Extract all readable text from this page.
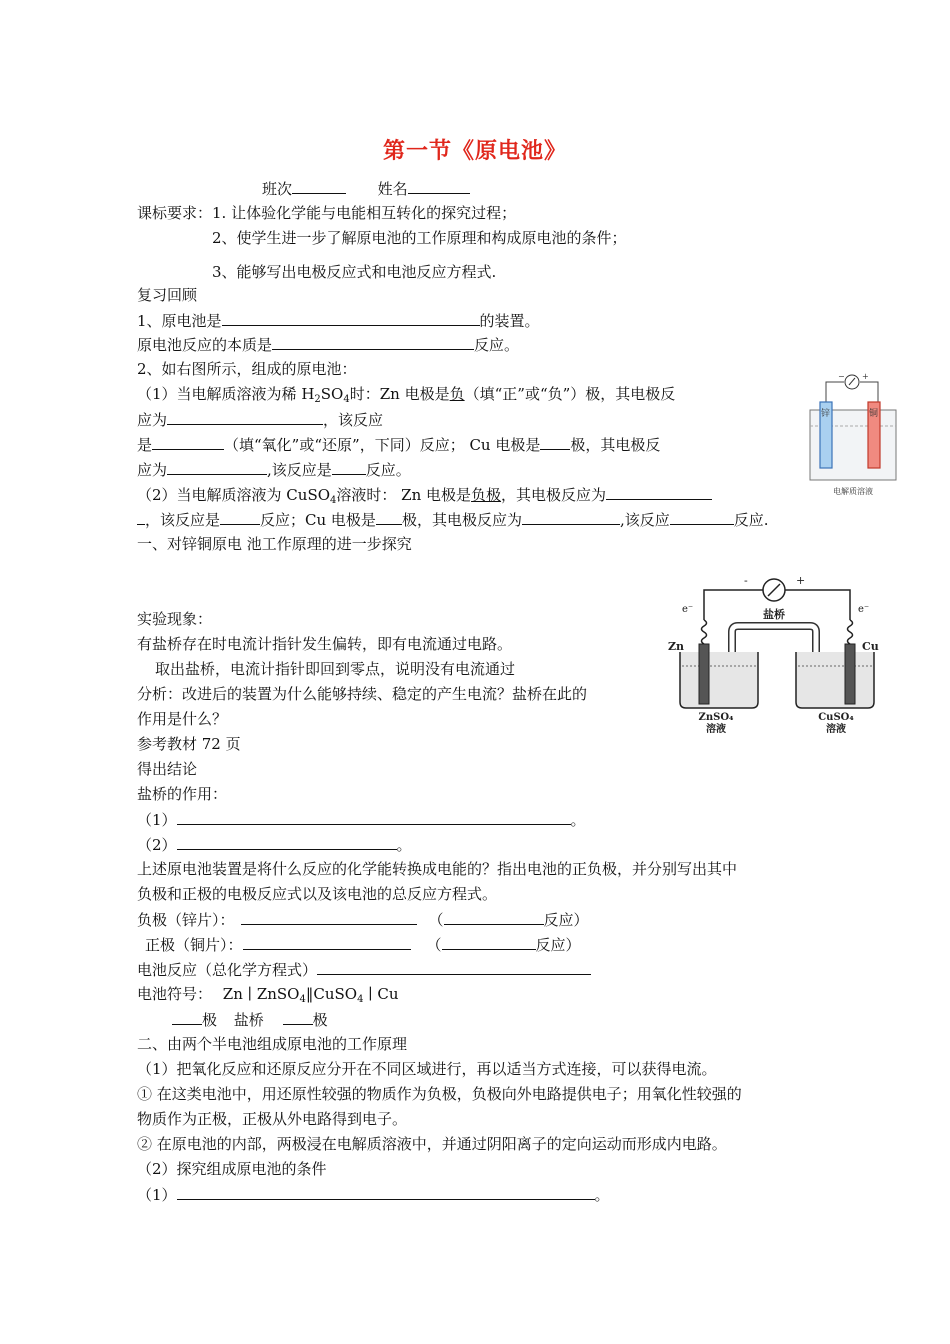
第一节《原电池》
班次	姓名
课标要求：1. 让体验化学能与电能相互转化的探究过程；
2、使学生进一步了解原电池的工作原理和构成原电池的条件；
3、能够写出电极反应式和电池反应方程式.
复习回顾
1、原电池是	的装置。
原电池反应的本质是	反应。
2、如右图所示，组成的原电池：
（1）当电解质溶液为稀 $H_2SO_4$时：Zn 电极是负（填“正”或“负”）极，其电极反
应为	，该反应
是	（填“氧化”或“还原”，下同）反应； Cu 电极是 极，其电极反
应为	,该反应是 反应。
（2）当电解质溶液为 CuSO$_4$溶液时： Zn 电极是负极，其电极反应为
，该反应是	反应；Cu 电极是 极，其电极反应为	,该反应	反应.
一、对锌铜原电 池工作原理的进一步探究
实验现象：
有盐桥存在时电流计指针发生偏转，即有电流通过电路。
取出盐桥，电流计指针即回到零点，说明没有电流通过
分析：改进后的装置为什么能够持续、稳定的产生电流？盐桥在此的
作用是什么？
参考教材 72 页
得出结论
盐桥的作用：
（1）	。
（2）	。
上述原电池装置是将什么反应的化学能转换成电能的？指出电池的正负极，并分别写出其中
负极和正极的电极反应式以及该电池的总反应方程式。
负极（锌片）：	（	反应）
正极（铜片）：	（	反应）
电池反应（总化学方程式）
电池符号： Zn ∣ ZnSO$_4$‖CuSO$_4$ ∣ Cu
极 盐桥	极
二、由两个半电池组成原电池的工作原理
（1）把氧化反应和还原反应分开在不同区域进行，再以适当方式连接，可以获得电流。
① 在这类电池中，用还原性较强的物质作为负极，负极向外电路提供电子；用氧化性较强的
物质作为正极，正极从外电路得到电子。
② 在原电池的内部，两极浸在电解质溶液中，并通过阴阳离子的定向运动而形成内电路。
（2）探究组成原电池的条件
（1）	。
− +
锌	铜
电解质溶液
-	+
e⁻	e⁻
盐桥
Zn	Cu
ZnSO₄
溶液
CuSO₄
溶液
